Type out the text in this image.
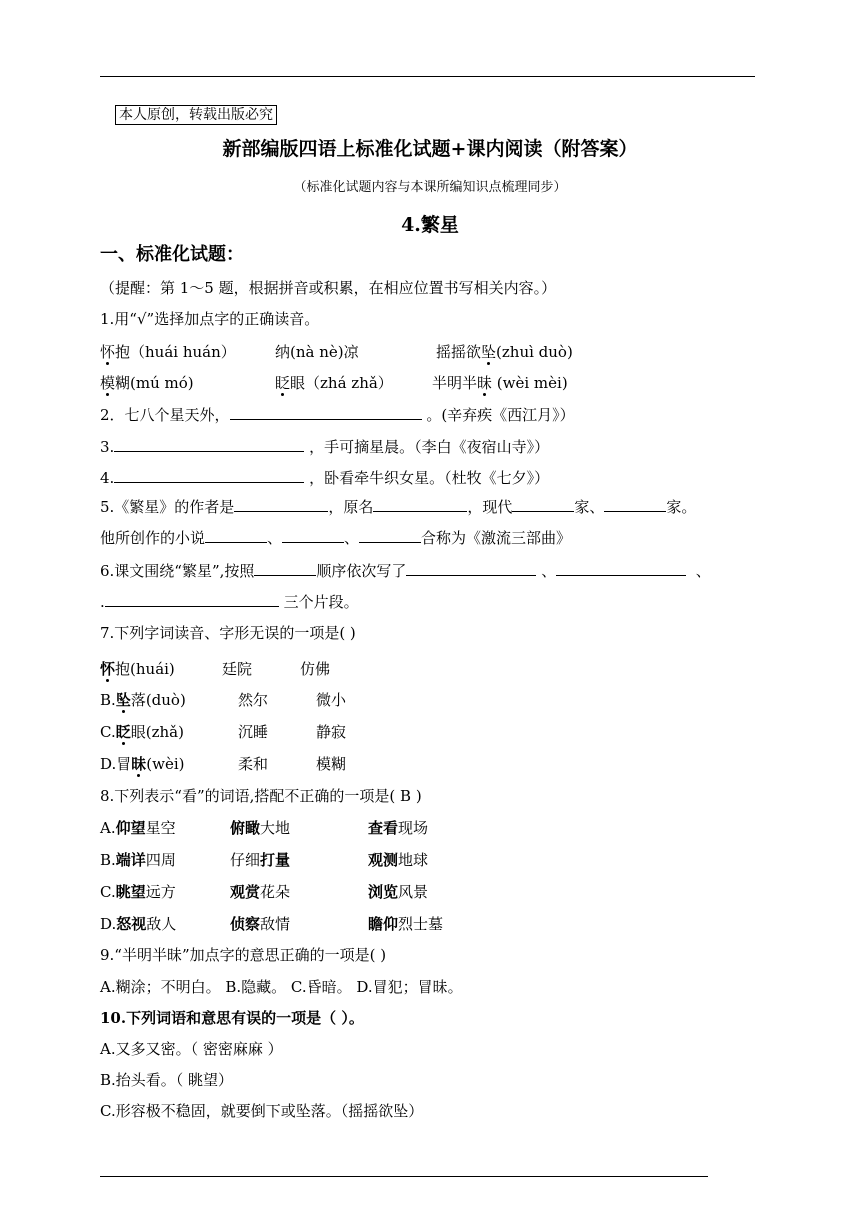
本人原创，转载出版必究
新部编版四语上标准化试题+课内阅读（附答案）
（标准化试题内容与本课所编知识点梳理同步）
4.繁星
一、标准化试题：
（提醒：第 1～5 题，根据拼音或积累，在相应位置书写相关内容。）
1.用“√”选择加点字的正确读音。
怀抱（huái huán）	纳(nà nè)凉	摇摇欲坠(zhuì duò)
模糊(mú mó)	眨眼（zhá zhǎ）	半明半昧 (wèi mèi)
2．七八个星天外，	。(辛弃疾《西江月》）
3.	，手可摘星晨。（李白《夜宿山寺》）
4.	，卧看牵牛织女星。（杜牧《七夕》）
5.《繁星》的作者是	，原名	，现代	家、	家。
他所创作的小说	、	、	合称为《激流三部曲》
6.课文围绕“繁星”,按照	顺序依次写了	、	、
.	三个片段。
7.下列字词读音、字形无误的一项是( )
怀抱(huái)	廷院	仿佛
B.坠落(duò)	然尔	微小
C.眨眼(zhǎ)	沉睡	静寂
D.冒昧(wèi)	柔和	模糊
8.下列表示“看”的词语,搭配不正确的一项是( B )
A.仰望星空	俯瞰大地	查看现场
B.端详四周	仔细打量	观测地球
C.眺望远方	观赏花朵	浏览风景
D.怒视敌人	侦察敌情	瞻仰烈士墓
9.“半明半昧”加点字的意思正确的一项是( )
A.糊涂；不明白。 B.隐藏。 C.昏暗。 D.冒犯；冒昧。
10.下列词语和意思有误的一项是（ ）。
A.又多又密。（ 密密麻麻 ）
B.抬头看。（ 眺望）
C.形容极不稳固，就要倒下或坠落。（摇摇欲坠）
